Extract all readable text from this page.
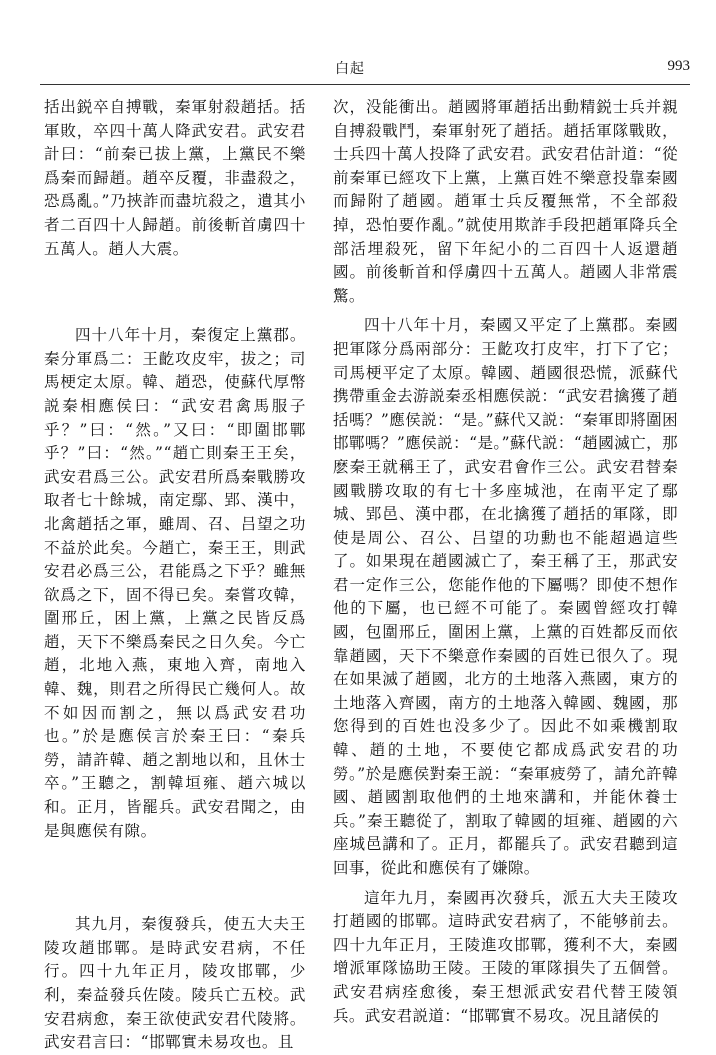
白起	993

括出鋭卒自搏戰，秦軍射殺趙括。括軍敗，卒四十萬人降武安君。武安君計曰：“前秦已拔上黨，上黨民不樂爲秦而歸趙。趙卒反覆，非盡殺之，恐爲亂。”乃挾詐而盡坑殺之，遺其小者二百四十人歸趙。前後斬首虜四十五萬人。趙人大震。

四十八年十月，秦復定上黨郡。秦分軍爲二：王齕攻皮牢，拔之；司馬梗定太原。韓、趙恐，使蘇代厚幣説秦相應侯曰：“武安君禽馬服子乎？”曰：“然。”又曰：“即圍邯鄲乎？”曰：“然。”“趙亡則秦王王矣，武安君爲三公。武安君所爲秦戰勝攻取者七十餘城，南定鄢、郢、漢中，北禽趙括之軍，雖周、召、吕望之功不益於此矣。今趙亡，秦王王，則武安君必爲三公，君能爲之下乎？雖無欲爲之下，固不得已矣。秦嘗攻韓，圍邢丘，困上黨，上黨之民皆反爲趙，天下不樂爲秦民之日久矣。今亡趙，北地入燕，東地入齊，南地入韓、魏，則君之所得民亡幾何人。故不如因而割之，無以爲武安君功也。”於是應侯言於秦王曰：“秦兵勞，請許韓、趙之割地以和，且休士卒。”王聽之，割韓垣雍、趙六城以和。正月，皆罷兵。武安君聞之，由是與應侯有隙。

其九月，秦復發兵，使五大夫王陵攻趙邯鄲。是時武安君病，不任行。四十九年正月，陵攻邯鄲，少利，秦益發兵佐陵。陵兵亡五校。武安君病愈，秦王欲使武安君代陵將。武安君言曰：“邯鄲實未易攻也。且

次，没能衝出。趙國將軍趙括出動精鋭士兵并親自搏殺戰鬥，秦軍射死了趙括。趙括軍隊戰敗，士兵四十萬人投降了武安君。武安君估計道：“從前秦軍已經攻下上黨，上黨百姓不樂意投靠秦國而歸附了趙國。趙軍士兵反覆無常，不全部殺掉，恐怕要作亂。”就使用欺詐手段把趙軍降兵全部活埋殺死，留下年紀小的二百四十人返還趙國。前後斬首和俘虜四十五萬人。趙國人非常震驚。

四十八年十月，秦國又平定了上黨郡。秦國把軍隊分爲兩部分：王齕攻打皮牢，打下了它；司馬梗平定了太原。韓國、趙國很恐慌，派蘇代携帶重金去游説秦丞相應侯説：“武安君擒獲了趙括嗎？”應侯説：“是。”蘇代又説：“秦軍即將圍困邯鄲嗎？”應侯説：“是。”蘇代説：“趙國滅亡，那麽秦王就稱王了，武安君會作三公。武安君替秦國戰勝攻取的有七十多座城池，在南平定了鄢城、郢邑、漢中郡，在北擒獲了趙括的軍隊，即使是周公、召公、吕望的功勳也不能超過這些了。如果現在趙國滅亡了，秦王稱了王，那武安君一定作三公，您能作他的下屬嗎？即使不想作他的下屬，也已經不可能了。秦國曾經攻打韓國，包圍邢丘，圍困上黨，上黨的百姓都反而依靠趙國，天下不樂意作秦國的百姓已很久了。現在如果滅了趙國，北方的土地落入燕國，東方的土地落入齊國，南方的土地落入韓國、魏國，那您得到的百姓也没多少了。因此不如乘機割取韓、趙的土地，不要使它都成爲武安君的功勞。”於是應侯對秦王説：“秦軍疲勞了，請允許韓國、趙國割取他們的土地來講和，并能休養士兵。”秦王聽從了，割取了韓國的垣雍、趙國的六座城邑講和了。正月，都罷兵了。武安君聽到這回事，從此和應侯有了嫌隙。

這年九月，秦國再次發兵，派五大夫王陵攻打趙國的邯鄲。這時武安君病了，不能够前去。四十九年正月，王陵進攻邯鄲，獲利不大，秦國增派軍隊協助王陵。王陵的軍隊損失了五個營。武安君病痊愈後，秦王想派武安君代替王陵領兵。武安君説道：“邯鄲實不易攻。况且諸侯的
